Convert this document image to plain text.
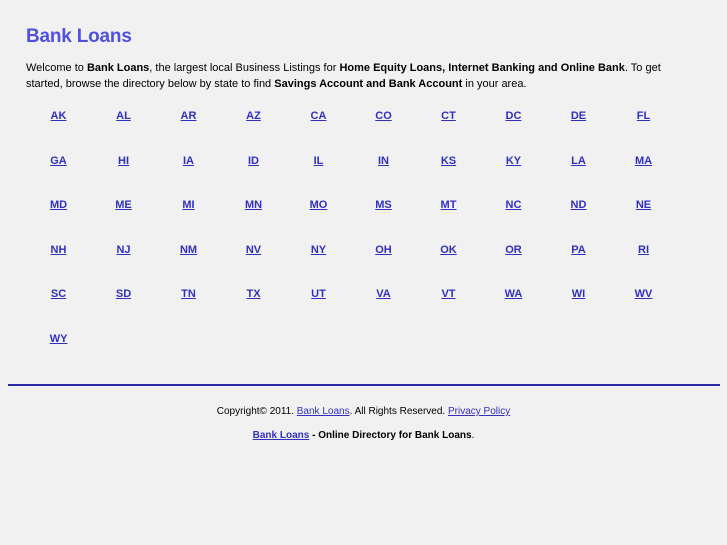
Bank Loans
Welcome to Bank Loans, the largest local Business Listings for Home Equity Loans, Internet Banking and Online Bank. To get started, browse the directory below by state to find Savings Account and Bank Account in your area.
AK	AL	AR	AZ	CA	CO	CT	DC	DE	FL
GA	HI	IA	ID	IL	IN	KS	KY	LA	MA
MD	ME	MI	MN	MO	MS	MT	NC	ND	NE
NH	NJ	NM	NV	NY	OH	OK	OR	PA	RI
SC	SD	TN	TX	UT	VA	VT	WA	WI	WV
WY
Copyright© 2011. Bank Loans. All Rights Reserved. Privacy Policy
Bank Loans - Online Directory for Bank Loans.
